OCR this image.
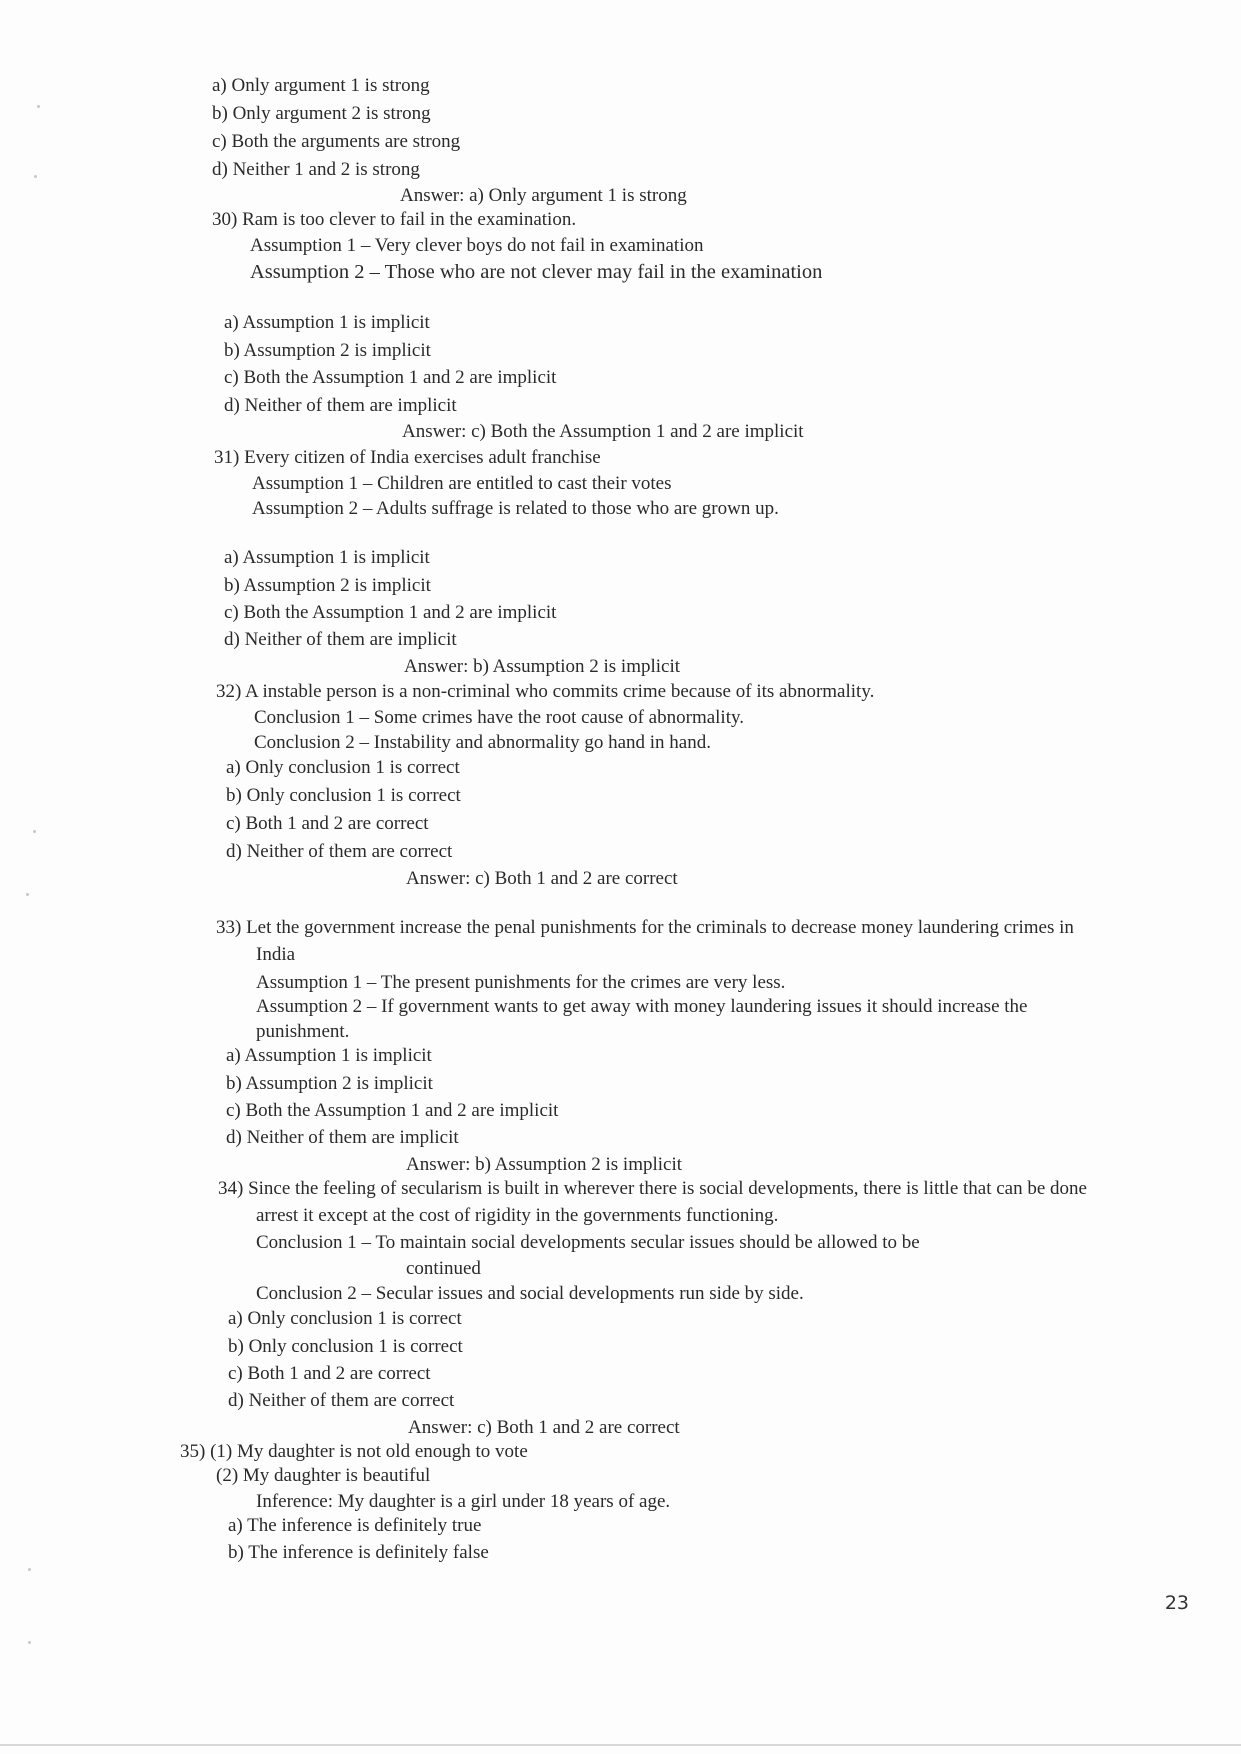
a) Only argument 1 is strong

b) Only argument 2 is strong

c) Both the arguments are strong

d) Neither 1 and 2 is strong

Answer: a) Only argument 1 is strong

30) Ram is too clever to fail in the examination.

Assumption 1 – Very clever boys do not fail in examination

Assumption 2 – Those who are not clever may fail in the examination

a) Assumption 1 is implicit

b) Assumption 2 is implicit

c) Both the Assumption 1 and 2 are implicit

d) Neither of them are implicit

Answer: c) Both the Assumption 1 and 2 are implicit

31) Every citizen of India exercises adult franchise

Assumption 1 – Children are entitled to cast their votes

Assumption 2 – Adults suffrage is related to those who are grown up.

a) Assumption 1 is implicit

b) Assumption 2 is implicit

c) Both the Assumption 1 and 2 are implicit

d) Neither of them are implicit

Answer: b) Assumption 2 is implicit

32) A instable person is a non-criminal who commits crime because of its abnormality.

Conclusion 1 – Some crimes have the root cause of abnormality.

Conclusion 2 – Instability and abnormality go hand in hand.

a) Only conclusion 1 is correct

b) Only conclusion 1 is correct

c) Both 1 and 2 are correct

d) Neither of them are correct

Answer: c) Both 1 and 2 are correct

33) Let the government increase the penal punishments for the criminals to decrease money laundering crimes in

India

Assumption 1 – The present punishments for the crimes are very less.

Assumption 2 – If government wants to get away with money laundering issues it should increase the

punishment.

a) Assumption 1 is implicit

b) Assumption 2 is implicit

c) Both the Assumption 1 and 2 are implicit

d) Neither of them are implicit

Answer: b) Assumption 2 is implicit

34) Since the feeling of secularism is built in wherever there is social developments, there is little that can be done

arrest it except at the cost of rigidity in the governments functioning.

Conclusion 1 – To maintain social developments secular issues should be allowed to be

continued

Conclusion 2 – Secular issues and social developments run side by side.

a) Only conclusion 1 is correct

b) Only conclusion 1 is correct

c) Both 1 and 2 are correct

d) Neither of them are correct

Answer: c) Both 1 and 2 are correct

35) (1) My daughter is not old enough to vote

(2) My daughter is beautiful

Inference: My daughter is a girl under 18 years of age.

a) The inference is definitely true

b) The inference is definitely false

23
